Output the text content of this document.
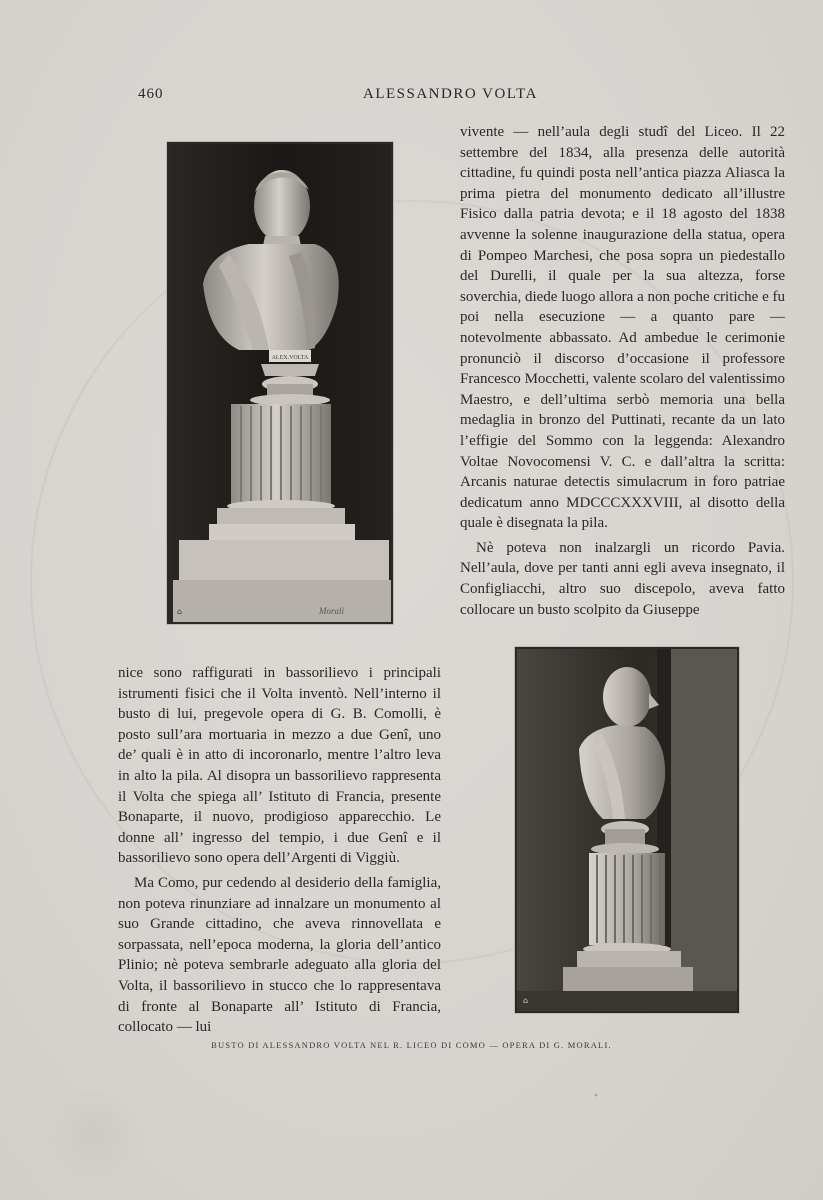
460	ALESSANDRO VOLTA
ALEX.VOLTA
⌂	Morali

vivente — nell’aula degli studî del Liceo. Il 22 settembre del 1834, alla presenza delle autorità cittadine, fu quindi posta nell’antica piazza Aliasca la prima pietra del monumento dedicato all’illustre Fisico dalla patria devota; e il 18 agosto del 1838 avvenne la solenne inaugurazione della statua, opera di Pompeo Marchesi, che posa sopra un piedestallo del Durelli, il quale per la sua altezza, forse soverchia, diede luogo allora a non poche critiche e fu poi nella esecuzione — a quanto pare — notevolmente abbassato. Ad ambedue le cerimonie pronunciò il discorso d’occasione il professore Francesco Mocchetti, valente scolaro del valentissimo Maestro, e dell’ultima serbò memoria una bella medaglia in bronzo del Puttinati, recante da un lato l’effigie del Sommo con la leggenda: Alexandro Voltae Novocomensi V. C. e dall’altra la scritta: Arcanis naturae detectis simulacrum in foro patriae dedicatum anno MDCCCXXXVIII, al disotto della quale è disegnata la pila.

Nè poteva non inalzargli un ricordo Pavia. Nell’aula, dove per tanti anni egli aveva insegnato, il Configliacchi, altro suo discepolo, aveva fatto collocare un busto scolpito da Giuseppe

nice sono raffigurati in bassorilievo i principali istrumenti fisici che il Volta inventò. Nell’interno il busto di lui, pregevole opera di G. B. Comolli, è posto sull’ara mortuaria in mezzo a due Genî, uno de’ quali è in atto di incoronarlo, mentre l’altro leva in alto la pila. Al disopra un bassorilievo rappresenta il Volta che spiega all’ Istituto di Francia, presente Bonaparte, il nuovo, prodigioso apparecchio. Le donne all’ ingresso del tempio, i due Genî e il bassorilievo sono opera dell’Argenti di Viggiù.

Ma Como, pur cedendo al desiderio della famiglia, non poteva rinunziare ad innalzare un monumento al suo Grande cittadino, che aveva rinnovellata e sorpassata, nell’epoca moderna, la gloria dell’antico Plinio; nè poteva sembrarle adeguato alla gloria del Volta, il bassorilievo in stucco che lo rappresentava di fronte al Bonaparte all’ Istituto di Francia, collocato — lui

⌂
BUSTO DI ALESSANDRO VOLTA NEL R. LICEO DI COMO — OPERA DI G. MORALI.
*
